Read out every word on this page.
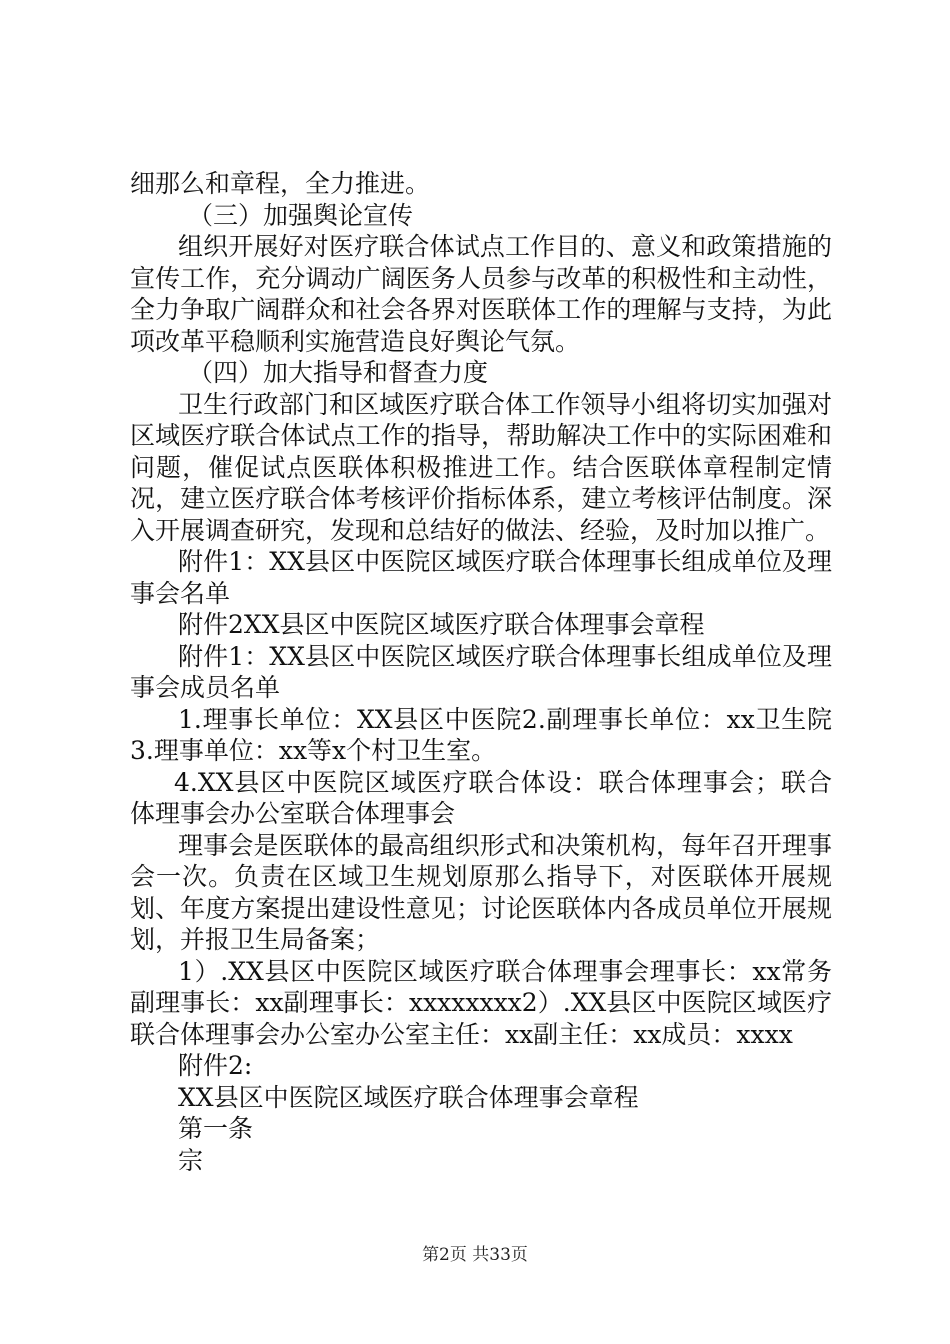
细那么和章程，全力推进。

（三）加强舆论宣传

组织开展好对医疗联合体试点工作目的、意义和政策措施的宣传工作，充分调动广阔医务人员参与改革的积极性和主动性，全力争取广阔群众和社会各界对医联体工作的理解与支持，为此项改革平稳顺利实施营造良好舆论气氛。

（四）加大指导和督查力度

卫生行政部门和区域医疗联合体工作领导小组将切实加强对区域医疗联合体试点工作的指导，帮助解决工作中的实际困难和问题，催促试点医联体积极推进工作。结合医联体章程制定情况，建立医疗联合体考核评价指标体系，建立考核评估制度。深入开展调查研究，发现和总结好的做法、经验，及时加以推广。

附件1：XX县区中医院区域医疗联合体理事长组成单位及理事会名单

附件2XX县区中医院区域医疗联合体理事会章程

附件1：XX县区中医院区域医疗联合体理事长组成单位及理事会成员名单

1.理事长单位：XX县区中医院2.副理事长单位：xx卫生院3.理事单位：xx等x个村卫生室。

4.XX县区中医院区域医疗联合体设：联合体理事会；联合体理事会办公室联合体理事会

理事会是医联体的最高组织形式和决策机构，每年召开理事会一次。负责在区域卫生规划原那么指导下，对医联体开展规划、年度方案提出建设性意见；讨论医联体内各成员单位开展规划，并报卫生局备案；

1）.XX县区中医院区域医疗联合体理事会理事长：xx常务副理事长：xx副理事长：xxxxxxxx2）.XX县区中医院区域医疗联合体理事会办公室办公室主任：xx副主任：xx成员：xxxx

附件2:

XX县区中医院区域医疗联合体理事会章程

第一条

宗

第2页 共33页
